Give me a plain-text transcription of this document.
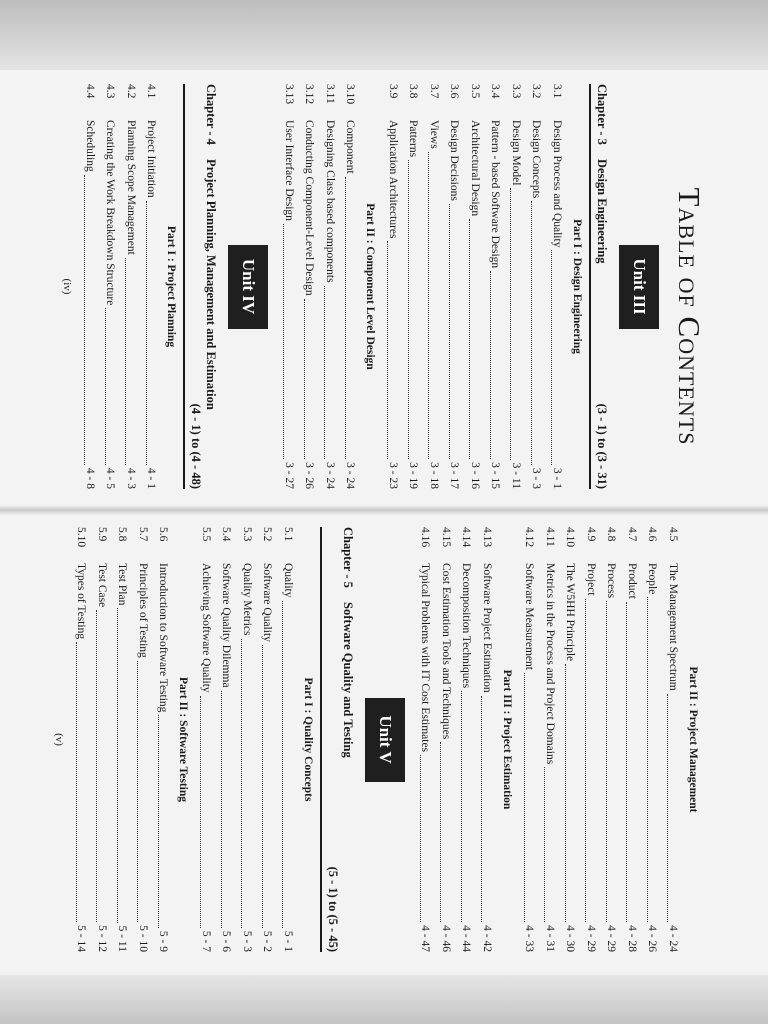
Table of Contents
Unit III
Chapter - 3
Design Engineering
(3 - 1) to (3 - 31)
Part I : Design Engineering
3.1
Design Process and Quality
3 - 1
3.2
Design Concepts
3 - 3
3.3
Design Model
3 - 11
3.4
Pattern - based Software Design
3 - 15
3.5
Architectural Design
3 - 16
3.6
Design Decisions
3 - 17
3.7
Views
3 - 18
3.8
Patterns
3 - 19
3.9
Application Architectures
3 - 23
Part II : Component Level Design
3.10
Component
3 - 24
3.11
Designing Class based components
3 - 24
3.12
Conducting Component-Level Design
3 - 26
3.13
User Interface Design
3 - 27
Unit IV
Chapter - 4
Project Planning, Management and Estimation
(4 - 1) to (4 - 48)
Part I : Project Planning
4.1
Project Initiation
4 - 1
4.2
Planning Scope Management
4 - 3
4.3
Creating the Work Breakdown Structure
4 - 5
4.4
Scheduling
4 - 8
(iv)
Part II : Project Management
4.5
The Management Spectrum
4 - 24
4.6
People
4 - 26
4.7
Product
4 - 28
4.8
Process
4 - 29
4.9
Project
4 - 29
4.10
The W5HH Principle
4 - 30
4.11
Metrics in the Process and Project Domains
4 - 31
4.12
Software Measurement
4 - 33
Part III : Project Estimation
4.13
Software Project Estimation
4 - 42
4.14
Decomposition Techniques
4 - 44
4.15
Cost Estimation Tools and Techniques
4 - 46
4.16
Typical Problems with IT Cost Estimates
4 - 47
Unit V
Chapter - 5
Software Quality and Testing
(5 - 1) to (5 - 45)
Part I : Quality Concepts
5.1
Quality
5 - 1
5.2
Software Quality
5 - 2
5.3
Quality Metrics
5 - 3
5.4
Software Quality Dilemma
5 - 6
5.5
Achieving Software Quality
5 - 7
Part II : Software Testing
5.6
Introduction to Software Testing
5 - 9
5.7
Principles of Testing
5 - 10
5.8
Test Plan
5 - 11
5.9
Test Case
5 - 12
5.10
Types of Testing
5 - 14
(v)
